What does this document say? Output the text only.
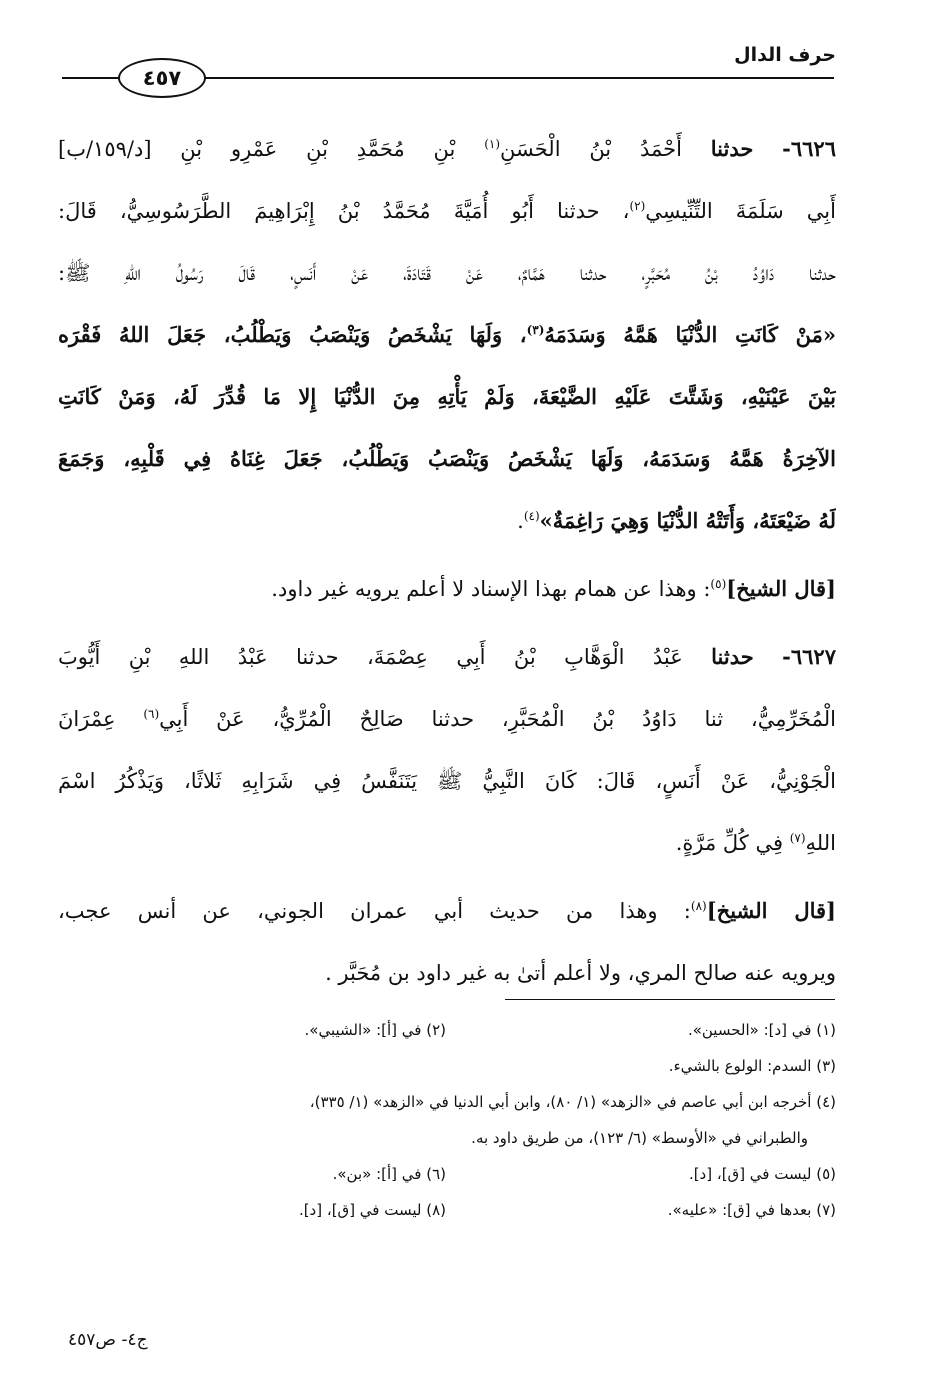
حرف الدال
٤٥٧
٦٦٢٦- حدثنا أَحْمَدُ بْنُ الْحَسَنِ$^{(١)}$ بْنِ مُحَمَّدِ بْنِ عَمْرِو بْنِ [د/١٥٩/ب]
أَبِي سَلَمَةَ التِّنِّيسِي$^{(٢)}$، حدثنا أَبُو أُمَيَّةَ مُحَمَّدُ بْنُ إِبْرَاهِيمَ الطَّرَسُوسِيُّ، قَالَ:
حدثنا دَاوُدُ بْنُ مُحَبَّرٍ، حدثنا هَمَّامٌ، عَنْ قَتَادَةَ، عَنْ أَنَسٍ، قَالَ رَسُولُ اللهِ ﷺ:
«مَنْ كَانَتِ الدُّنْيَا هَمَّهُ وَسَدَمَهُ$^{(٣)}$، وَلَهَا يَشْخَصُ وَيَنْصَبُ وَيَطْلُبُ، جَعَلَ اللهُ فَقْرَه
بَيْنَ عَيْنَيْهِ، وَشَتَّتَ عَلَيْهِ الضَّيْعَةَ، وَلَمْ يَأْتِهِ مِنَ الدُّنْيَا إِلا مَا قُدِّرَ لَهُ، وَمَنْ كَانَتِ
الآخِرَةُ هَمَّهُ وَسَدَمَهُ، وَلَهَا يَشْخَصُ وَيَنْصَبُ وَيَطْلُبُ، جَعَلَ غِنَاهُ فِي قَلْبِهِ، وَجَمَعَ
لَهُ ضَيْعَتَهُ، وَأَتَتْهُ الدُّنْيَا وَهِيَ رَاغِمَةٌ»$^{(٤)}$.
[قال الشيخ]$^{(٥)}$: وهذا عن همام بهذا الإسناد لا أعلم يرويه غير داود.
٦٦٢٧- حدثنا عَبْدُ الْوَهَّابِ بْنُ أَبِي عِصْمَةَ، حدثنا عَبْدُ اللهِ بْنِ أَيُّوبَ
الْمُخَرِّمِيُّ، ثنا دَاوُدُ بْنُ الْمُحَبَّرِ، حدثنا صَالِحٌ الْمُرِّيُّ، عَنْ أَبِي$^{(٦)}$ عِمْرَانَ
الْجَوْنِيُّ، عَنْ أَنَسٍ، قَالَ: كَانَ النَّبِيُّ ﷺ يَتَنَفَّسُ فِي شَرَابِهِ ثَلاثًا، وَيَذْكُرُ اسْمَ
اللهِ$^{(٧)}$ فِي كُلِّ مَرَّةٍ.
[قال الشيخ]$^{(٨)}$: وهذا من حديث أبي عمران الجوني، عن أنس عجب،
ويرويه عنه صالح المري، ولا أعلم أتىٰ به غير داود بن مُحَبَّر .
(١) في [د]: «الحسين».
(٢) في [أ]: «الشيبي».
(٣) السدم: الولوع بالشيء.
(٤) أخرجه ابن أبي عاصم في «الزهد» (١/ ٨٠)، وابن أبي الدنيا في «الزهد» (١/ ٣٣٥)،
والطبراني في «الأوسط» (٦/ ١٢٣)، من طريق داود به.
(٥) ليست في [ق]، [د].
(٦) في [أ]: «بن».
(٧) بعدها في [ق]: «عليه».
(٨) ليست في [ق]، [د].
ج٤- ص٤٥٧
